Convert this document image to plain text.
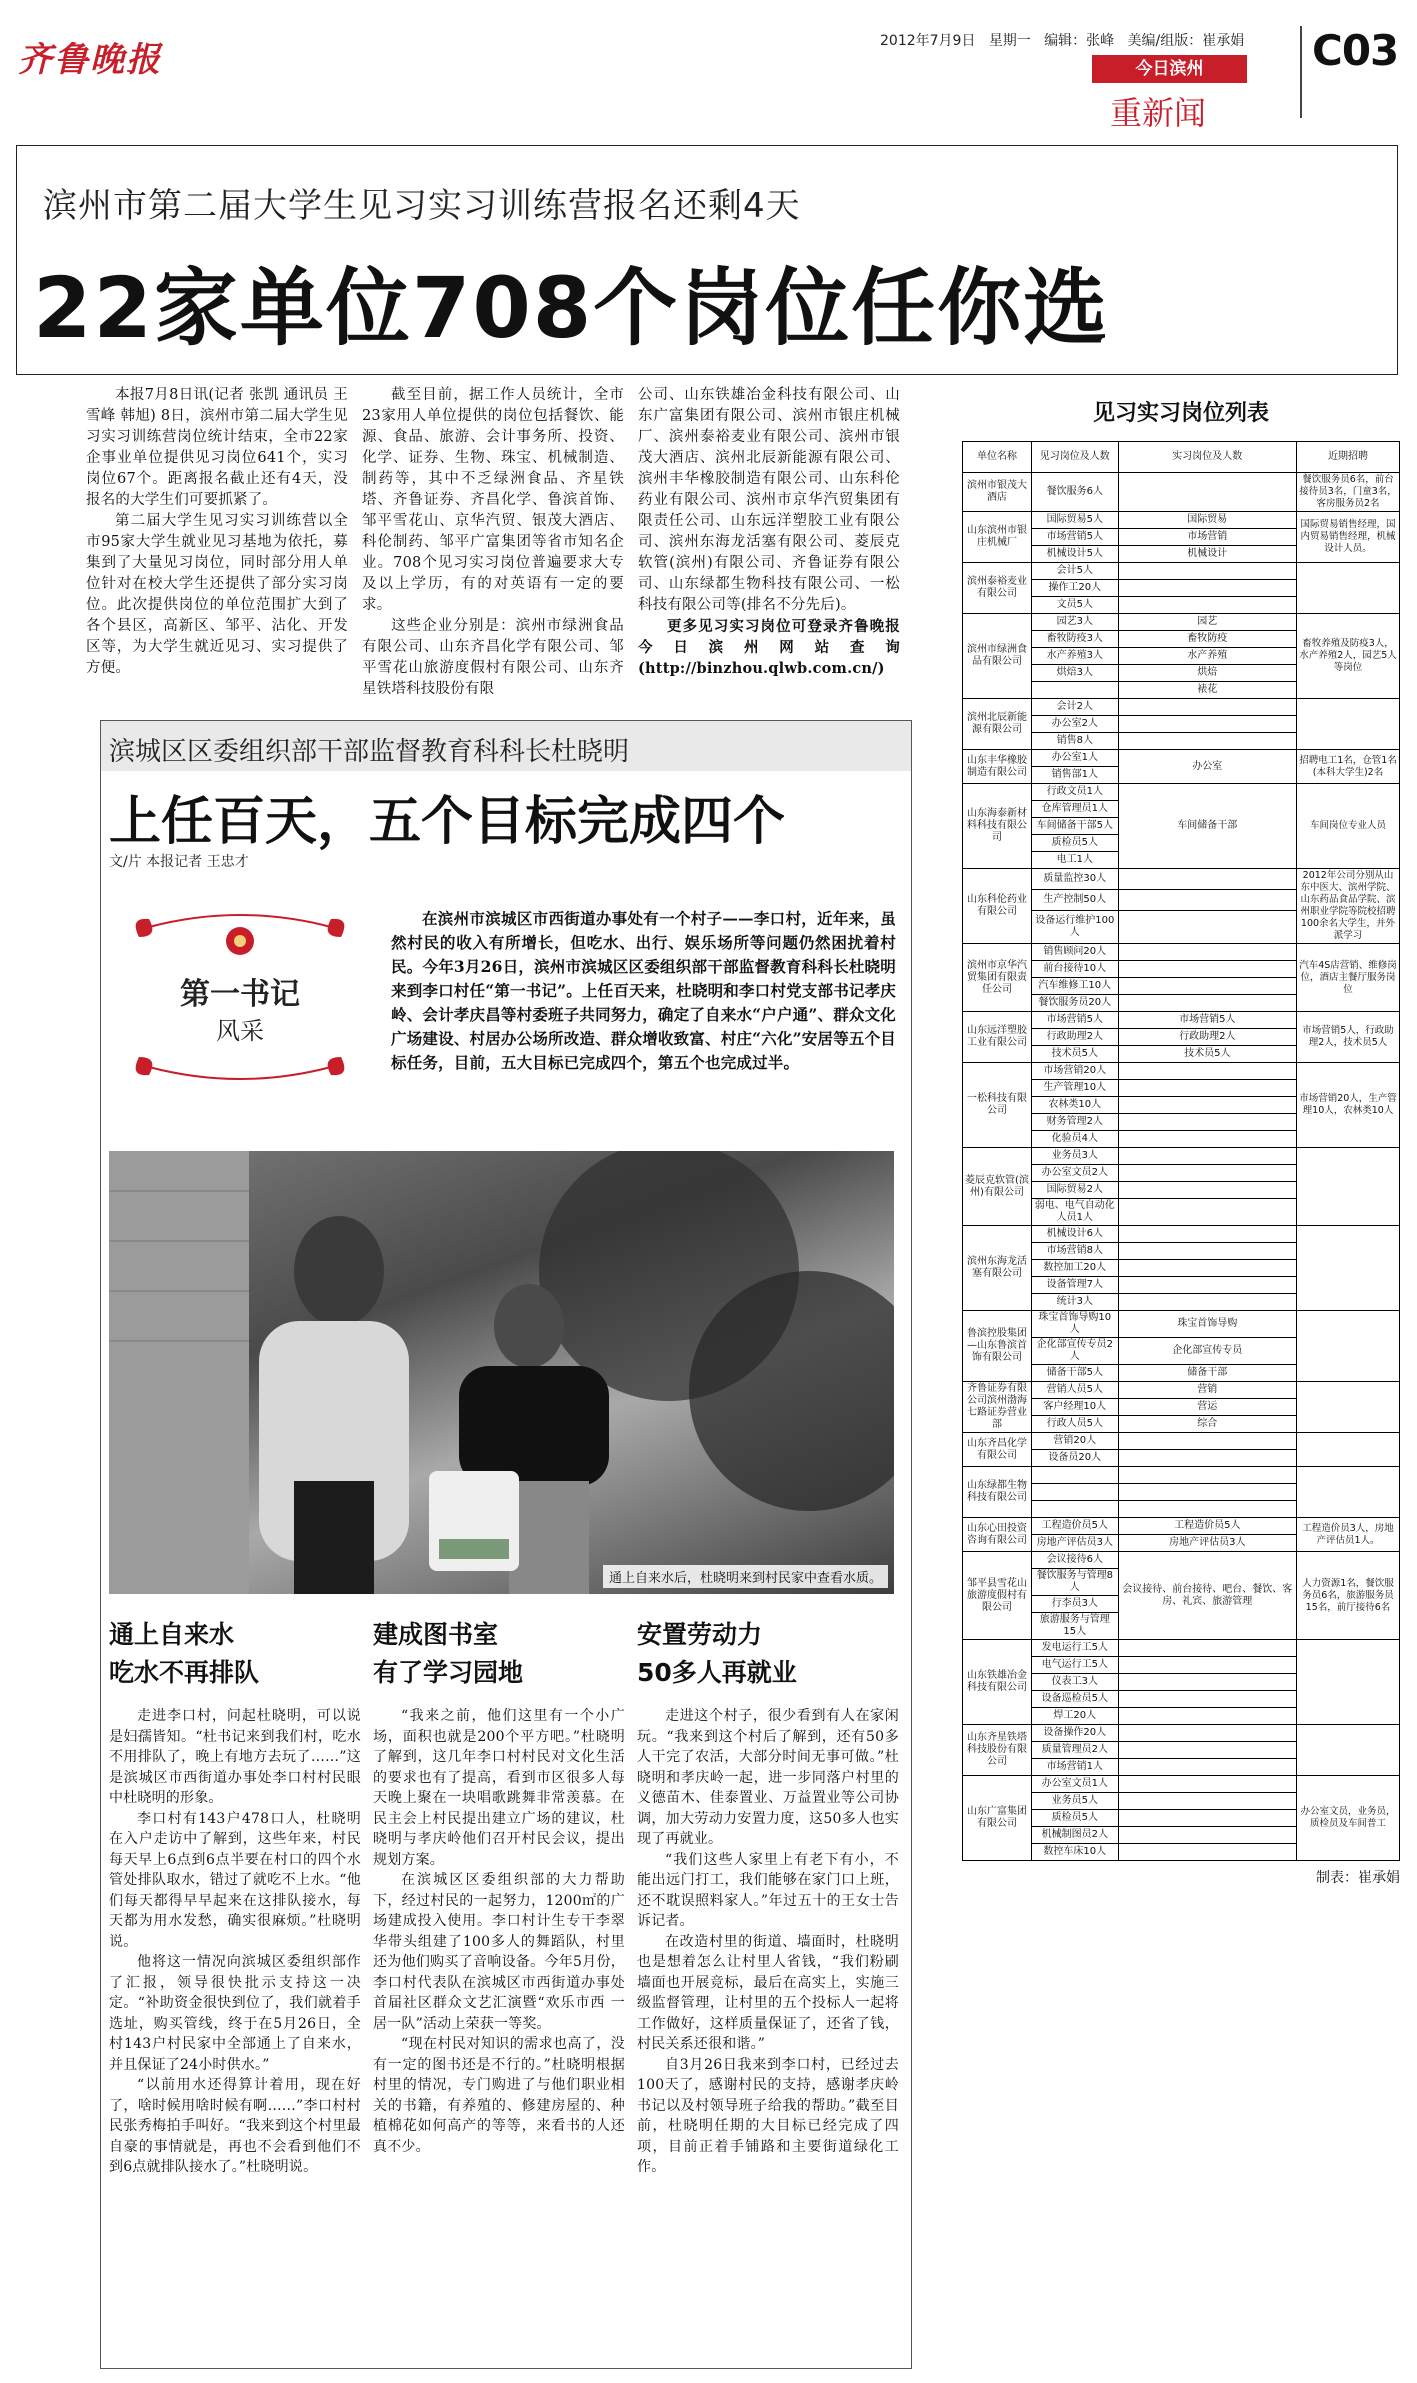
齐鲁晚报	2012年7月9日 星期一 编辑：张峰 美编/组版：崔承娟
今日滨州
重新闻
C03
滨州市第二届大学生见习实习训练营报名还剩4天
22家单位708个岗位任你选

本报7月8日讯(记者 张凯 通讯员 王雪峰 韩旭) 8日，滨州市第二届大学生见习实习训练营岗位统计结束，全市22家企事业单位提供见习岗位641个，实习岗位67个。距离报名截止还有4天，没报名的大学生们可要抓紧了。

第二届大学生见习实习训练营以全市95家大学生就业见习基地为依托，募集到了大量见习岗位，同时部分用人单位针对在校大学生还提供了部分实习岗位。此次提供岗位的单位范围扩大到了各个县区，高新区、邹平、沾化、开发区等，为大学生就近见习、实习提供了方便。

截至目前，据工作人员统计，全市23家用人单位提供的岗位包括餐饮、能源、食品、旅游、会计事务所、投资、化学、证券、生物、珠宝、机械制造、制药等，其中不乏绿洲食品、齐星铁塔、齐鲁证券、齐昌化学、鲁滨首饰、邹平雪花山、京华汽贸、银茂大酒店、科伦制药、邹平广富集团等省市知名企业。708个见习实习岗位普遍要求大专及以上学历，有的对英语有一定的要求。

这些企业分别是：滨州市绿洲食品有限公司、山东齐昌化学有限公司、邹平雪花山旅游度假村有限公司、山东齐星铁塔科技股份有限

公司、山东铁雄冶金科技有限公司、山东广富集团有限公司、滨州市银庄机械厂、滨州泰裕麦业有限公司、滨州市银茂大酒店、滨州北辰新能源有限公司、滨州丰华橡胶制造有限公司、山东科伦药业有限公司、滨州市京华汽贸集团有限责任公司、山东远洋塑胶工业有限公司、滨州东海龙活塞有限公司、菱辰克软管(滨州)有限公司、齐鲁证券有限公司、山东绿都生物科技有限公司、一松科技有限公司等(排名不分先后)。

更多见习实习岗位可登录齐鲁晚报今日滨州网站查询(http://binzhou.qlwb.com.cn/)

滨城区区委组织部干部监督教育科科长杜晓明
上任百天，五个目标完成四个
文/片 本报记者 王忠才
第一书记
风采

在滨州市滨城区市西街道办事处有一个村子——李口村，近年来，虽然村民的收入有所增长，但吃水、出行、娱乐场所等问题仍然困扰着村民。今年3月26日，滨州市滨城区区委组织部干部监督教育科科长杜晓明来到李口村任“第一书记”。上任百天来，杜晓明和李口村党支部书记孝庆岭、会计孝庆昌等村委班子共同努力，确定了自来水“户户通”、群众文化广场建设、村居办公场所改造、群众增收致富、村庄“六化”安居等五个目标任务，目前，五大目标已完成四个，第五个也完成过半。

通上自来水后，杜晓明来到村民家中查看水质。
通上自来水
吃水不再排队
建成图书室
有了学习园地
安置劳动力
50多人再就业

走进李口村，问起杜晓明，可以说是妇孺皆知。“杜书记来到我们村，吃水不用排队了，晚上有地方去玩了……”这是滨城区市西街道办事处李口村村民眼中杜晓明的形象。

李口村有143户478口人，杜晓明在入户走访中了解到，这些年来，村民每天早上6点到6点半要在村口的四个水管处排队取水，错过了就吃不上水。“他们每天都得早早起来在这排队接水，每天都为用水发愁，确实很麻烦。”杜晓明说。

他将这一情况向滨城区委组织部作了汇报，领导很快批示支持这一决定。“补助资金很快到位了，我们就着手选址，购买管线，终于在5月26日，全村143户村民家中全部通上了自来水，并且保证了24小时供水。”

“以前用水还得算计着用，现在好了，啥时候用啥时候有啊……”李口村村民张秀梅拍手叫好。“我来到这个村里最自豪的事情就是，再也不会看到他们不到6点就排队接水了。”杜晓明说。

“我来之前，他们这里有一个小广场，面积也就是200个平方吧。”杜晓明了解到，这几年李口村村民对文化生活的要求也有了提高，看到市区很多人每天晚上聚在一块唱歌跳舞非常羡慕。在民主会上村民提出建立广场的建议，杜晓明与孝庆岭他们召开村民会议，提出规划方案。

在滨城区区委组织部的大力帮助下，经过村民的一起努力，1200㎡的广场建成投入使用。李口村计生专干李翠华带头组建了100多人的舞蹈队，村里还为他们购买了音响设备。今年5月份，李口村代表队在滨城区市西街道办事处首届社区群众文艺汇演暨“欢乐市西 一居一队”活动上荣获一等奖。

“现在村民对知识的需求也高了，没有一定的图书还是不行的。”杜晓明根据村里的情况，专门购进了与他们职业相关的书籍，有养殖的、修建房屋的、种植棉花如何高产的等等，来看书的人还真不少。

走进这个村子，很少看到有人在家闲玩。“我来到这个村后了解到，还有50多人干完了农活，大部分时间无事可做。”杜晓明和孝庆岭一起，进一步同落户村里的义德苗木、佳泰置业、万益置业等公司协调，加大劳动力安置力度，这50多人也实现了再就业。

“我们这些人家里上有老下有小，不能出远门打工，我们能够在家门口上班，还不耽误照料家人。”年过五十的王女士告诉记者。

在改造村里的街道、墙面时，杜晓明也是想着怎么让村里人省钱，“我们粉刷墙面也开展竞标，最后在高实上，实施三级监督管理，让村里的五个投标人一起将工作做好，这样质量保证了，还省了钱，村民关系还很和谐。”

自3月26日我来到李口村，已经过去100天了，感谢村民的支持，感谢孝庆岭书记以及村领导班子给我的帮助。”截至目前，杜晓明任期的大目标已经完成了四项，目前正着手铺路和主要街道绿化工作。

见习实习岗位列表
单位名称	见习岗位及人数	实习岗位及人数	近期招聘
滨州市银茂大酒店	餐饮服务6人		餐饮服务员6名，前台接待员3名，门童3名，客房服务员2名
山东滨州市银庄机械厂	国际贸易5人	国际贸易	国际贸易销售经理，国内贸易销售经理，机械设计人员。
	市场营销5人	市场营销	
	机械设计5人	机械设计	
滨州泰裕麦业有限公司	会计5人		
	操作工20人		
	文员5人		
滨州市绿洲食品有限公司	园艺3人	园艺	畜牧养殖及防疫3人，水产养殖2人，园艺5人等岗位
	畜牧防疫3人	畜牧防疫	
	水产养殖3人	水产养殖	
	烘焙3人	烘焙	
		裱花	
滨州北辰新能源有限公司	会计2人		
	办公室2人		
	销售8人		
山东丰华橡胶制造有限公司	办公室1人	办公室	招聘电工1名，仓管1名(本科大学生)2名
	销售部1人		
山东海泰新材料科技有限公司	行政文员1人	车间储备干部	车间岗位专业人员
	仓库管理员1人		
	车间储备干部5人		
	质检员5人		
	电工1人		
山东科伦药业有限公司	质量监控30人		2012年公司分别从山东中医大、滨州学院、山东药品食品学院、滨州职业学院等院校招聘100余名大学生，并外派学习
	生产控制50人		
	设备运行维护100人		
滨州市京华汽贸集团有限责任公司	销售顾问20人		汽车4S店营销、维修岗位，酒店主餐厅服务岗位
	前台接待10人		
	汽车维修工10人		
	餐饮服务员20人		
山东远洋塑胶工业有限公司	市场营销5人	市场营销5人	市场营销5人，行政助理2人，技术员5人
	行政助理2人	行政助理2人	
	技术员5人	技术员5人	
一松科技有限公司	市场营销20人		市场营销20人，生产管理10人，农林类10人
	生产管理10人		
	农林类10人		
	财务管理2人		
	化验员4人		
菱辰克软管(滨州)有限公司	业务员3人		
	办公室文员2人		
	国际贸易2人		
	弱电、电气自动化人员1人		
滨州东海龙活塞有限公司	机械设计6人		
	市场营销8人		
	数控加工20人		
	设备管理7人		
	统计3人		
鲁滨控股集团—山东鲁滨首饰有限公司	珠宝首饰导购10人	珠宝首饰导购	
	企化部宣传专员2人	企化部宣传专员	
	储备干部5人	储备干部	
齐鲁证券有限公司滨州渤海七路证券营业部	营销人员5人	营销	
	客户经理10人	营运	
	行政人员5人	综合	
山东齐昌化学有限公司	营销20人		
	设备员20人		
山东绿都生物科技有限公司			

山东心田投资咨询有限公司	工程造价员5人	工程造价员5人	工程造价员3人，房地产评估员1人。
	房地产评估员3人	房地产评估员3人	
邹平县雪花山旅游度假村有限公司	会议接待6人	会议接待、前台接待、吧台、餐饮、客房、礼宾、旅游管理	人力资源1名，餐饮服务员6名，旅游服务员15名，前厅接待6名
	餐饮服务与管理8人		
	行李员3人		
	旅游服务与管理15人		
山东铁雄冶金科技有限公司	发电运行工5人		
	电气运行工5人		
	仪表工3人		
	设备巡检员5人		
	焊工20人		
山东齐星铁塔科技股份有限公司	设备操作20人		
	质量管理员2人		
	市场营销1人		
山东广富集团有限公司	办公室文员1人		办公室文员，业务员，质检员及车间普工
	业务员5人		
	质检员5人		
	机械制图员2人		
	数控车床10人		
制表：崔承娟
